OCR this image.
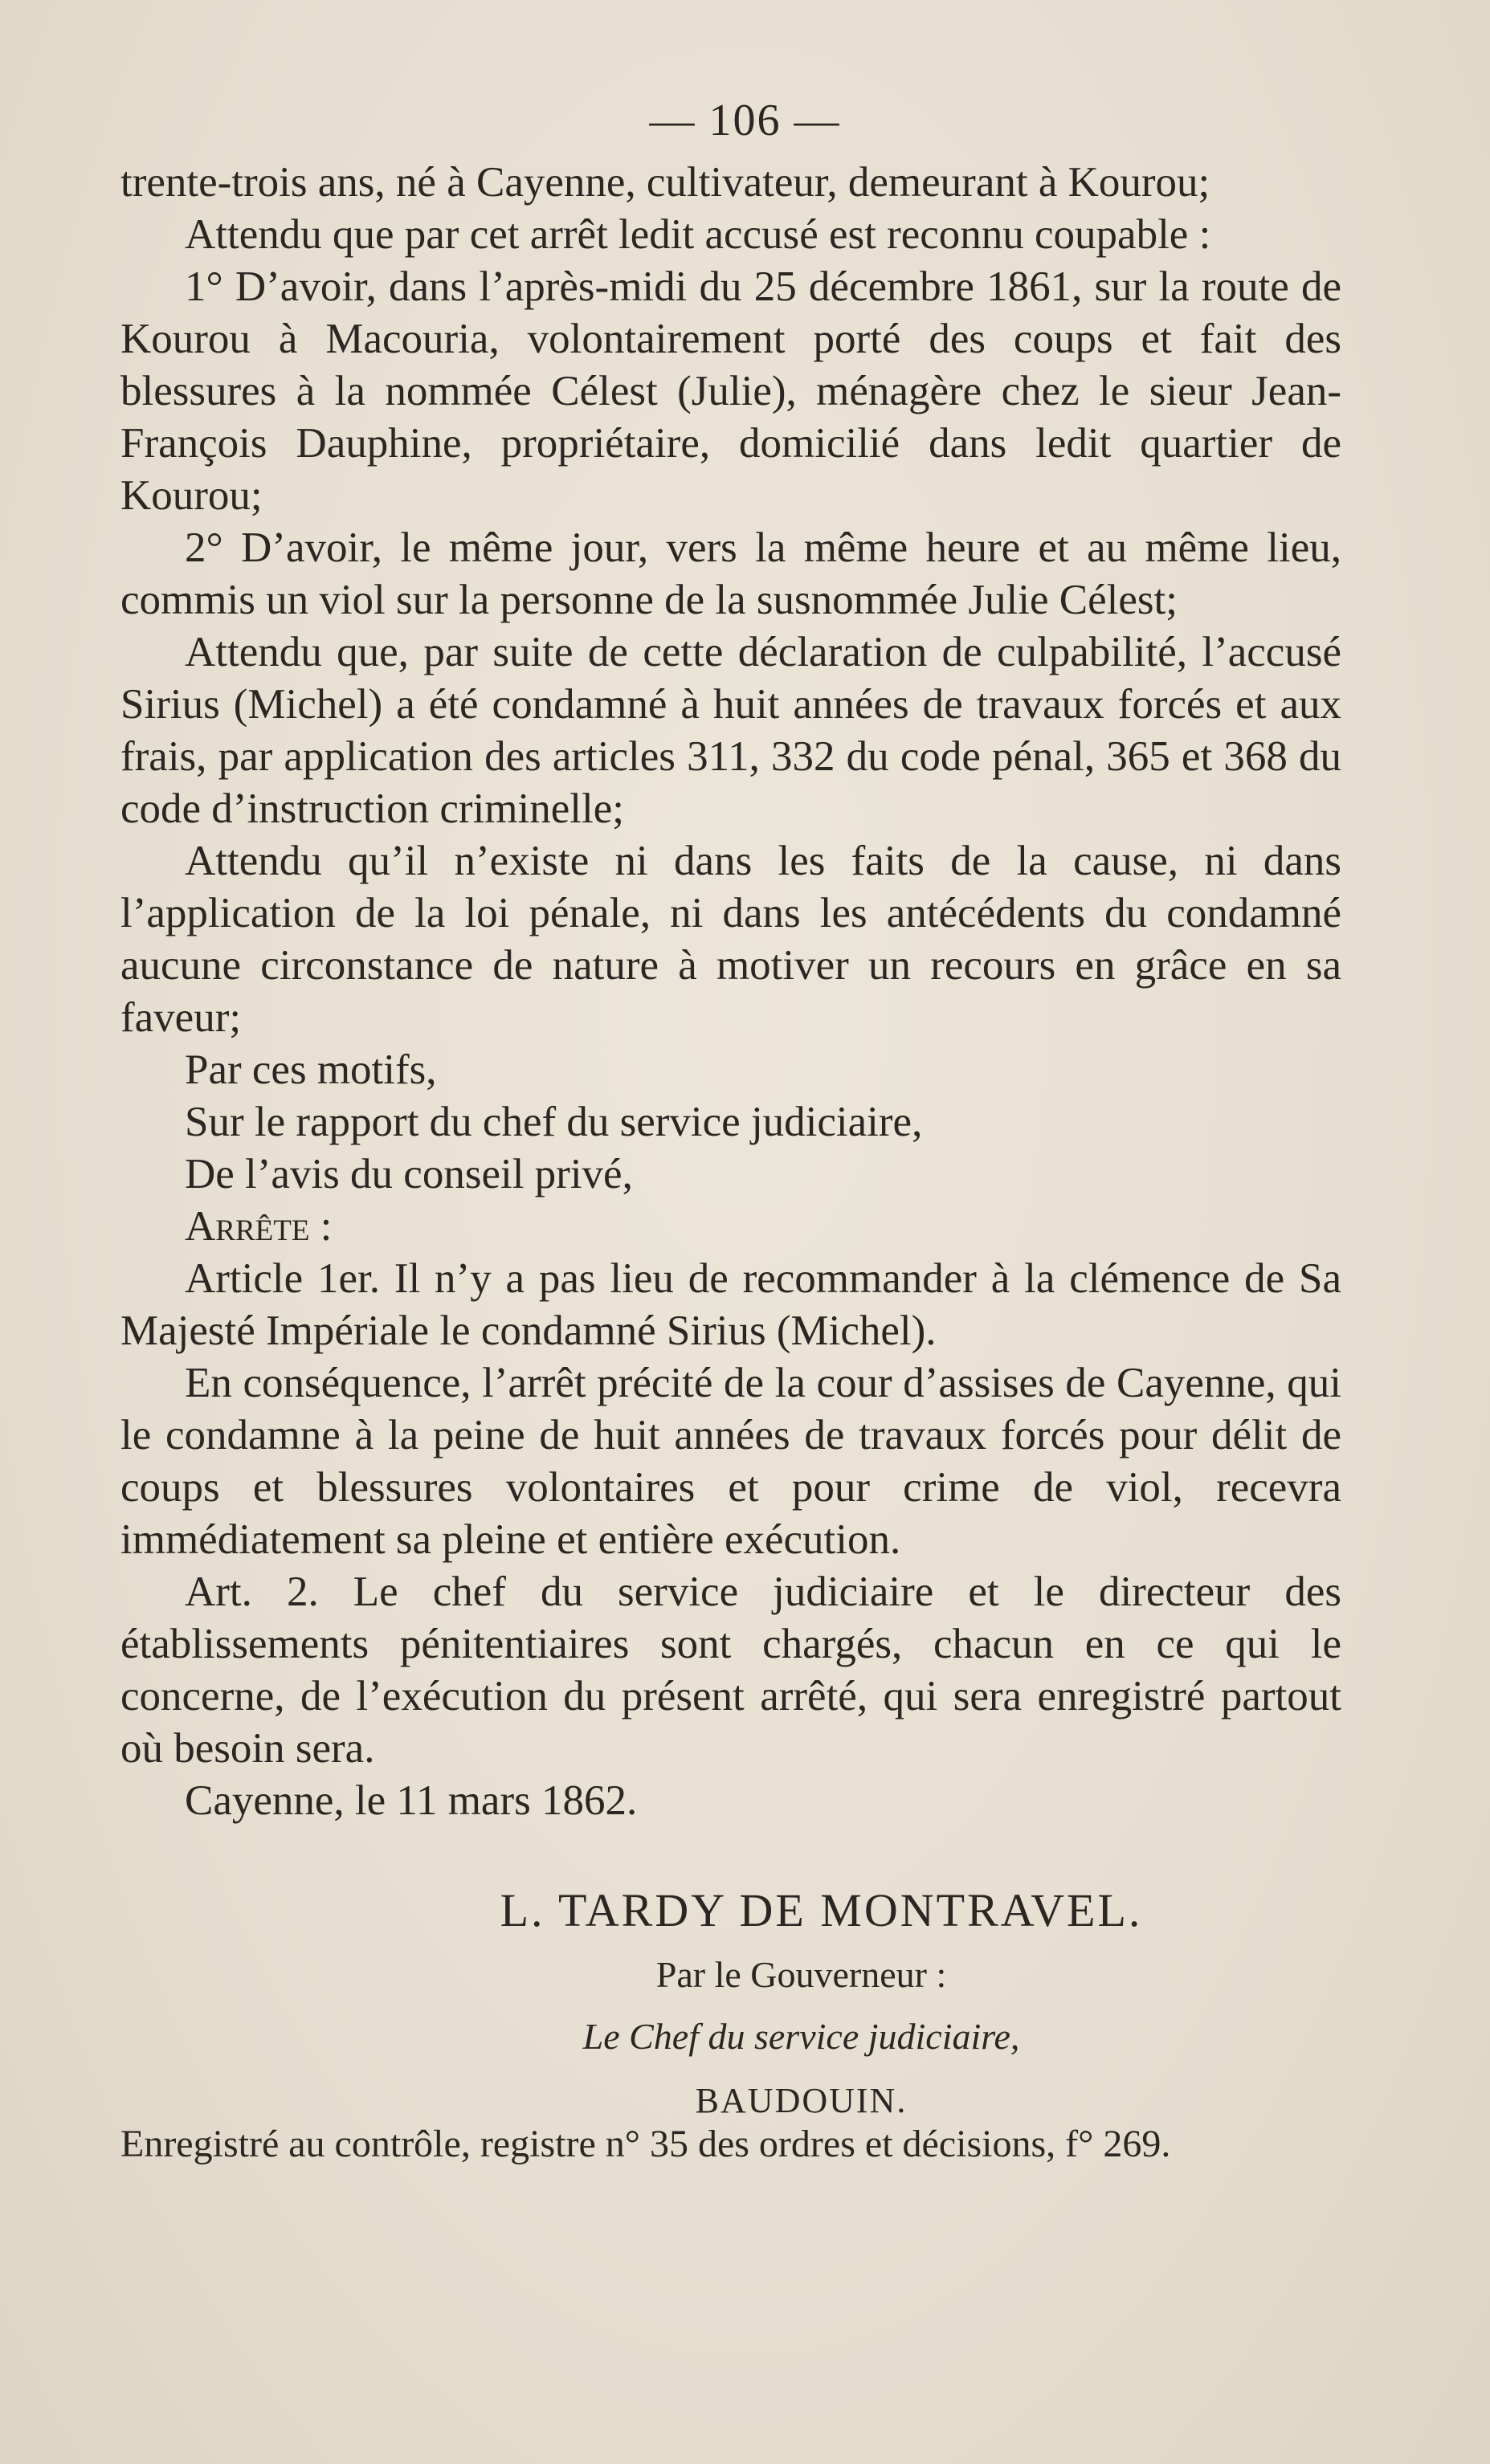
— 106 —

trente-trois ans, né à Cayenne, cultivateur, demeurant à Kourou;

Attendu que par cet arrêt ledit accusé est reconnu coupable :

1° D’avoir, dans l’après-midi du 25 décembre 1861, sur la route de Kourou à Macouria, volontairement porté des coups et fait des blessures à la nommée Célest (Julie), ménagère chez le sieur Jean-François Dauphine, propriétaire, domicilié dans ledit quartier de Kourou;

2° D’avoir, le même jour, vers la même heure et au même lieu, commis un viol sur la personne de la susnommée Julie Célest;

Attendu que, par suite de cette déclaration de culpabilité, l’accusé Sirius (Michel) a été condamné à huit années de travaux forcés et aux frais, par application des articles 311, 332 du code pénal, 365 et 368 du code d’instruction criminelle;

Attendu qu’il n’existe ni dans les faits de la cause, ni dans l’application de la loi pénale, ni dans les antécédents du condamné aucune circonstance de nature à motiver un recours en grâce en sa faveur;

Par ces motifs,

Sur le rapport du chef du service judiciaire,

De l’avis du conseil privé,

Arrête :

Article 1er. Il n’y a pas lieu de recommander à la clémence de Sa Majesté Impériale le condamné Sirius (Michel).

En conséquence, l’arrêt précité de la cour d’assises de Cayenne, qui le condamne à la peine de huit années de travaux forcés pour délit de coups et blessures volontaires et pour crime de viol, recevra immédiatement sa pleine et entière exécution.

Art. 2. Le chef du service judiciaire et le directeur des établissements pénitentiaires sont chargés, chacun en ce qui le concerne, de l’exécution du présent arrêté, qui sera enregistré partout où besoin sera.

Cayenne, le 11 mars 1862.

L. TARDY DE MONTRAVEL.
Par le Gouverneur :
Le Chef du service judiciaire,
BAUDOUIN.
Enregistré au contrôle, registre n° 35 des ordres et décisions, f° 269.
